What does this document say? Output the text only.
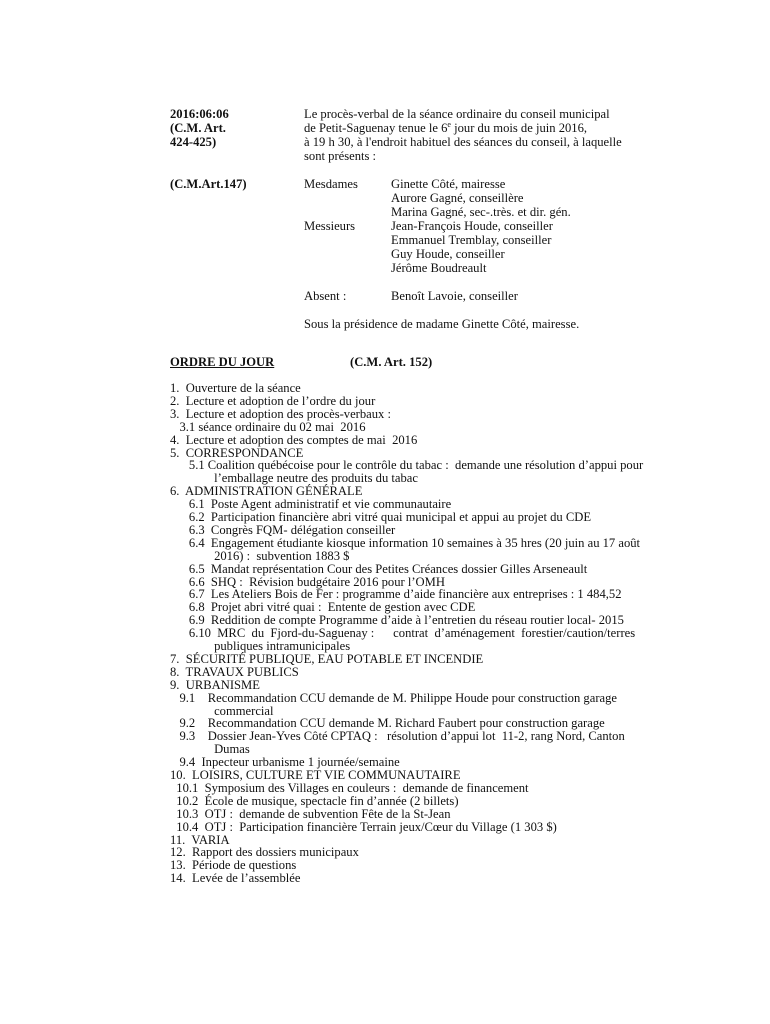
2016:06:06
(C.M. Art.
424-425)
Le procès-verbal de la séance ordinaire du conseil municipal
de Petit-Saguenay tenue le 6e jour du mois de juin 2016,
à 19 h 30, à l'endroit habituel des séances du conseil, à laquelle
sont présents :
(C.M.Art.147)	Mesdames	Ginette Côté, mairesse
Aurore Gagné, conseillère
Marina Gagné, sec-.très. et dir. gén.
Messieurs	Jean-François Houde, conseiller
Emmanuel Tremblay, conseiller
Guy Houde, conseiller
Jérôme Boudreault
Absent :	Benoît Lavoie, conseiller
Sous la présidence de madame Ginette Côté, mairesse.
ORDRE DU JOUR	(C.M. Art. 152)
1.  Ouverture de la séance
2.  Lecture et adoption de l’ordre du jour
3.  Lecture et adoption des procès-verbaux :
3.1 séance ordinaire du 02 mai  2016
4.  Lecture et adoption des comptes de mai  2016
5.  CORRESPONDANCE
5.1 Coalition québécoise pour le contrôle du tabac :  demande une résolution d’appui pour
l’emballage neutre des produits du tabac
6.  ADMINISTRATION GÉNÉRALE
6.1  Poste Agent administratif et vie communautaire
6.2  Participation financière abri vitré quai municipal et appui au projet du CDE
6.3  Congrès FQM- délégation conseiller
6.4  Engagement étudiante kiosque information 10 semaines à 35 hres (20 juin au 17 août
2016) :  subvention 1883 $
6.5  Mandat représentation Cour des Petites Créances dossier Gilles Arseneault
6.6  SHQ :  Révision budgétaire 2016 pour l’OMH
6.7  Les Ateliers Bois de Fer : programme d’aide financière aux entreprises : 1 484,52
6.8  Projet abri vitré quai :  Entente de gestion avec CDE
6.9  Reddition de compte Programme d’aide à l’entretien du réseau routier local- 2015
6.10  MRC  du  Fjord-du-Saguenay :      contrat  d’aménagement  forestier/caution/terres
publiques intramunicipales
7.  SÉCURITÉ PUBLIQUE, EAU POTABLE ET INCENDIE
8.  TRAVAUX PUBLICS
9.  URBANISME
9.1    Recommandation CCU demande de M. Philippe Houde pour construction garage
commercial
9.2    Recommandation CCU demande M. Richard Faubert pour construction garage
9.3    Dossier Jean-Yves Côté CPTAQ :   résolution d’appui lot  11-2, rang Nord, Canton
Dumas
9.4  Inpecteur urbanisme 1 journée/semaine
10.  LOISIRS, CULTURE ET VIE COMMUNAUTAIRE
10.1  Symposium des Villages en couleurs :  demande de financement
10.2  École de musique, spectacle fin d’année (2 billets)
10.3  OTJ :  demande de subvention Fête de la St-Jean
10.4  OTJ :  Participation financière Terrain jeux/Cœur du Village (1 303 $)
11.  VARIA
12.  Rapport des dossiers municipaux
13.  Période de questions
14.  Levée de l’assemblée
